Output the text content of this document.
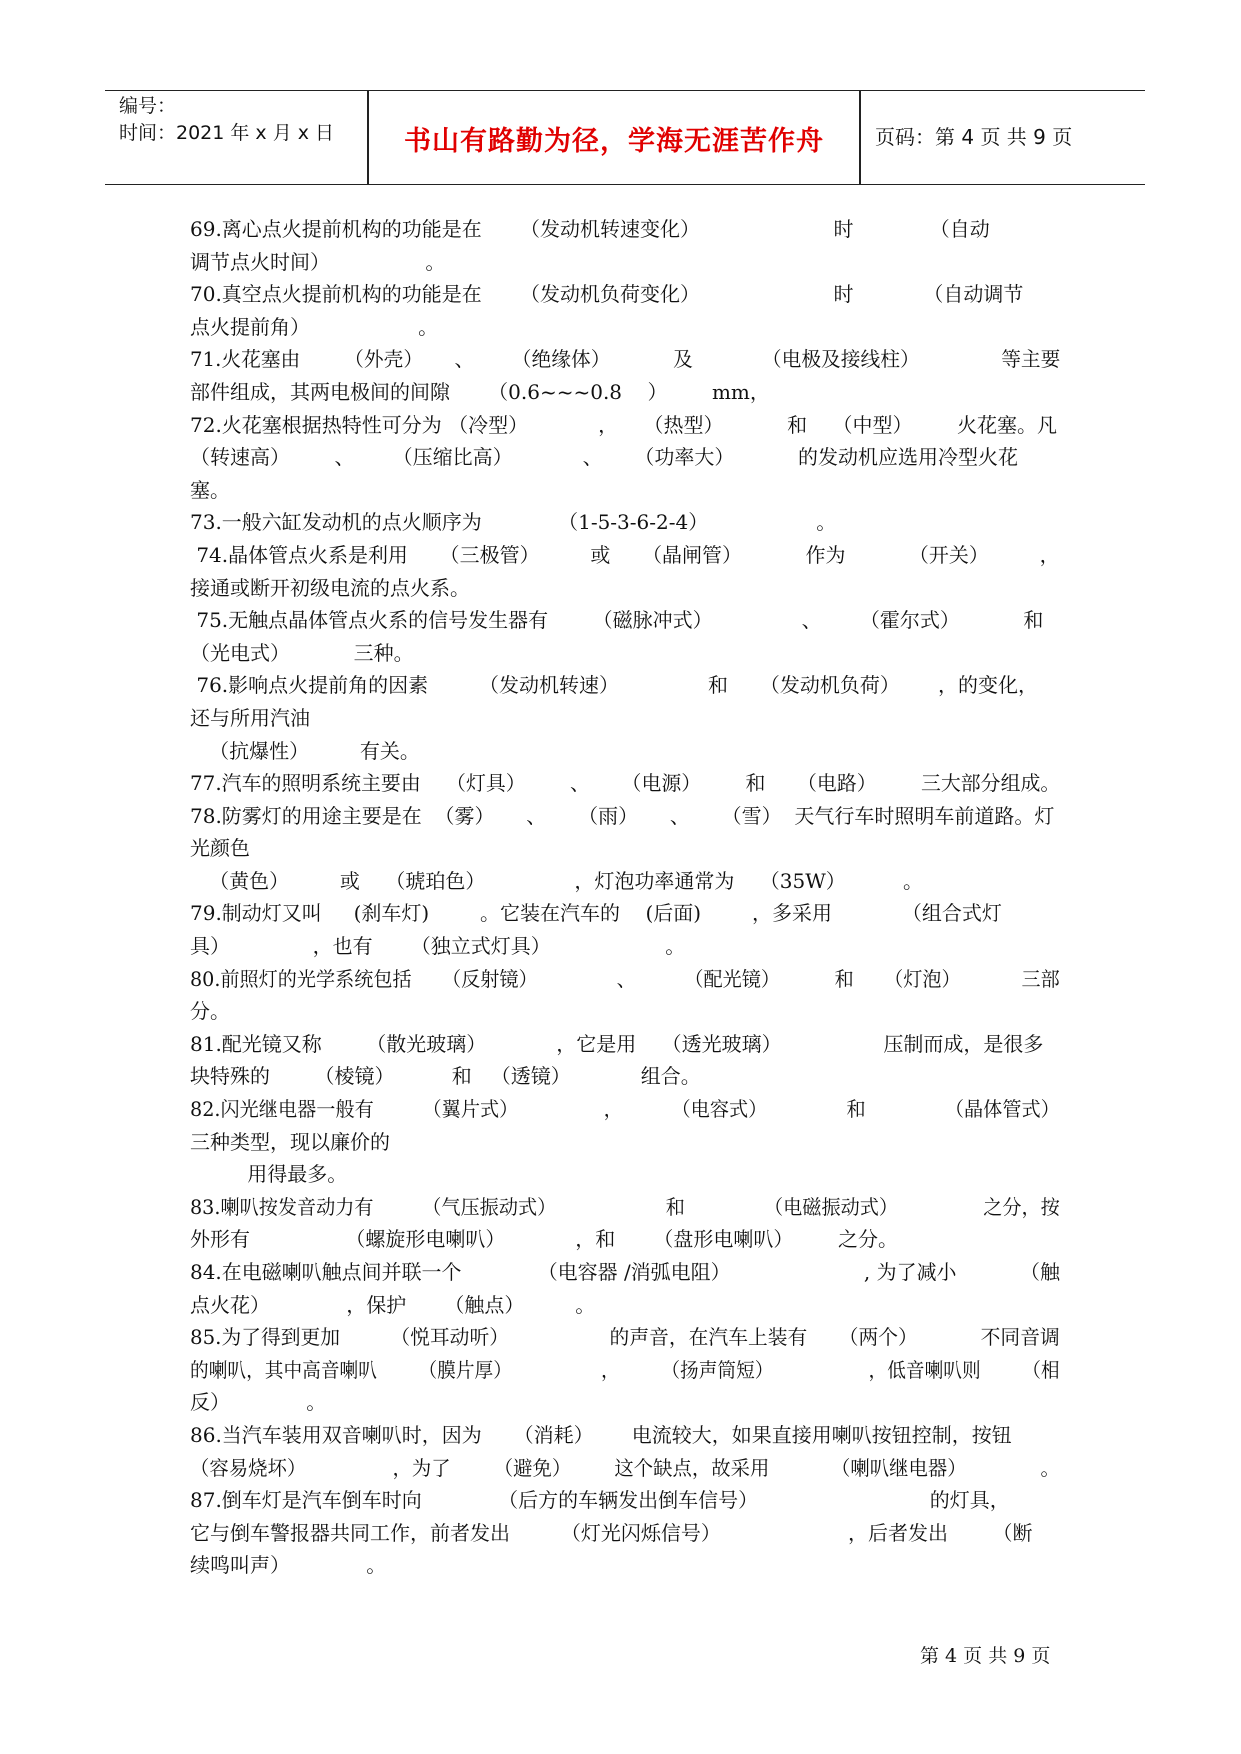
编号：
时间：2021 年 x 月 x 日	书山有路勤为径，学海无涯苦作舟	页码：第 4 页 共 9 页
69.离心点火提前机构的功能是在      （发动机转速变化）                     时            （自动
调节点火时间）               。
70.真空点火提前机构的功能是在      （发动机负荷变化）                     时           （自动调节
点火提前角）                 。
71.火花塞由       （外壳）     、      （绝缘体）          及           （电极及接线柱）             等主要
部件组成，其两电极间的间隙      （0.6~~~0.8    ）       mm，
72.火花塞根据热特性可分为 （冷型）           ，    （热型）          和    （中型）       火花塞。凡
（转速高）       、      （压缩比高）           、     （功率大）          的发动机应选用冷型火花
塞。
73.一般六缸发动机的点火顺序为            （1-5-3-6-2-4）                 。
74.晶体管点火系是利用     （三极管）        或     （晶闸管）          作为          （开关）        ，
接通或断开初级电流的点火系。
75.无触点晶体管点火系的信号发生器有       （磁脉冲式）              、      （霍尔式）          和
（光电式）          三种。
76.影响点火提前角的因素        （发动机转速）              和     （发动机负荷）      ，的变化，
还与所用汽油
（抗爆性）        有关。
77.汽车的照明系统主要由    （灯具）       、     （电源）       和     （电路）       三大部分组成。
78.防雾灯的用途主要是在  （雾）     、     （雨）     、     （雪）  天气行车时照明车前道路。灯
光颜色
（黄色）        或    （琥珀色）              ，灯泡功率通常为    （35W）         。
79.制动灯又叫     (刹车灯)        。它装在汽车的    (后面)        ，多采用           （组合式灯
具）             ，也有      （独立式灯具）                  。
80.前照灯的光学系统包括     （反射镜）             、        （配光镜）         和     （灯泡）          三部
分。
81.配光镜又称       （散光玻璃）           ，它是用    （透光玻璃）                压制而成，是很多
块特殊的       （棱镜）         和   （透镜）           组合。
82.闪光继电器一般有        （翼片式）              ，        （电容式）             和             （晶体管式）
三种类型，现以廉价的
用得最多。
83.喇叭按发音动力有        （气压振动式）                  和             （电磁振动式）              之分，按
外形有               （螺旋形电喇叭）           ，和      （盘形电喇叭）       之分。
84.在电磁喇叭触点间并联一个            （电容器 /消弧电阻）                     , 为了减小          （触
点火花）            ，保护      （触点）        。
85.为了得到更加        （悦耳动听）                的声音，在汽车上装有     （两个）          不同音调
的喇叭，其中高音喇叭       （膜片厚）               ，       （扬声筒短）                ，低音喇叭则       （相
反）            。
86.当汽车装用双音喇叭时，因为     （消耗）      电流较大，如果直接用喇叭按钮控制，按钮
（容易烧坏）              ，为了       （避免）       这个缺点，故采用          （喇叭继电器）            。
87.倒车灯是汽车倒车时向            （后方的车辆发出倒车信号）                           的灯具，
它与倒车警报器共同工作，前者发出        （灯光闪烁信号）                    ，后者发出       （断
续鸣叫声）            。
第 4 页 共 9 页
